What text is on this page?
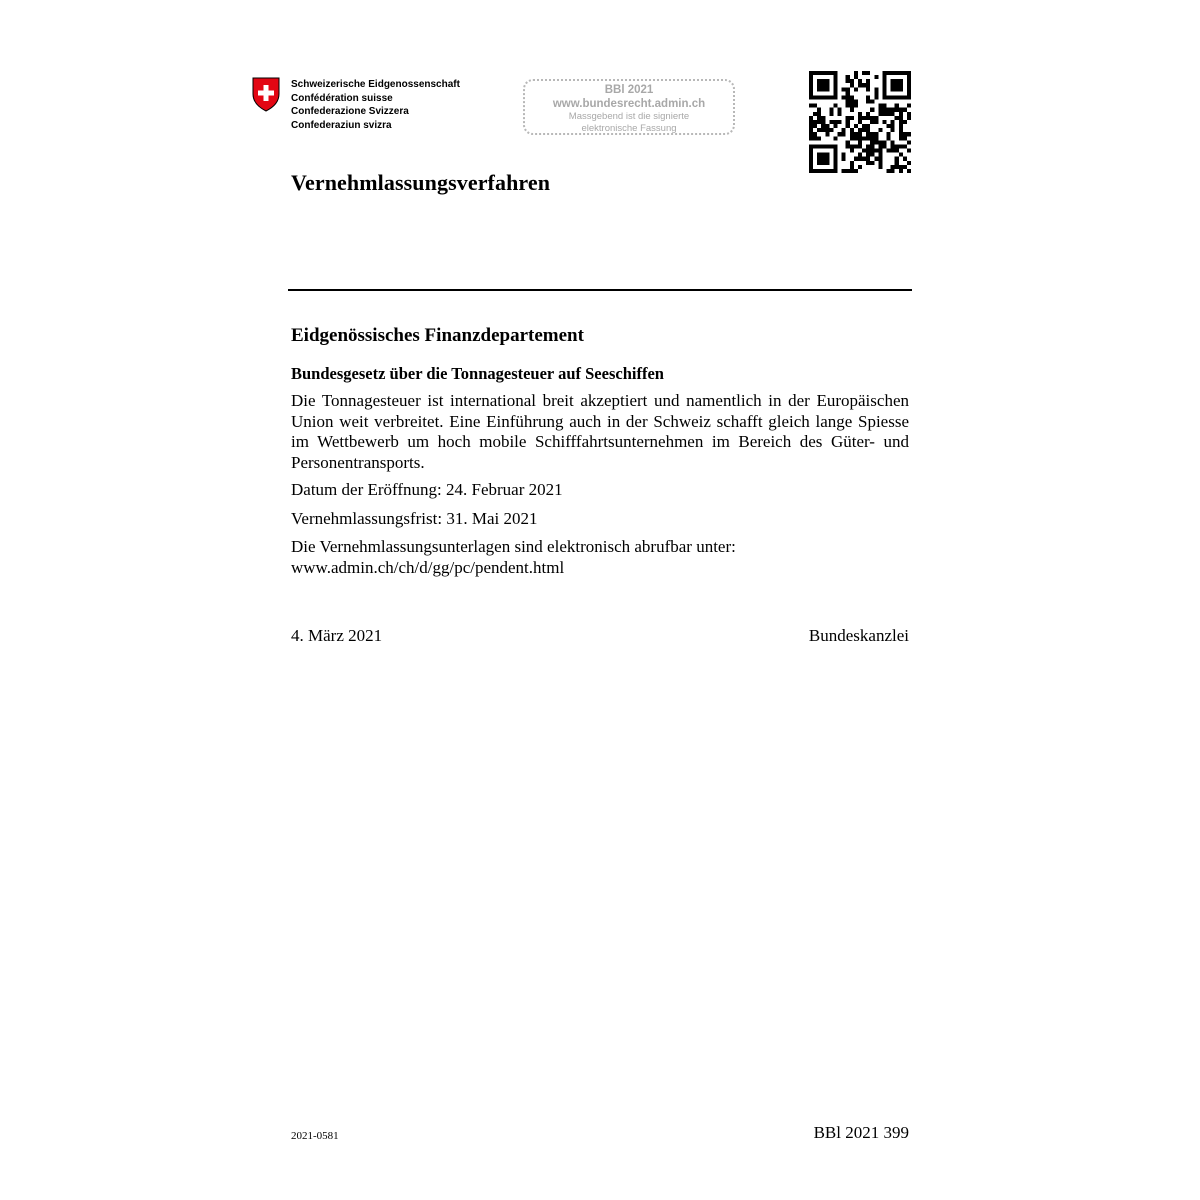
Schweizerische Eidgenossenschaft
Confédération suisse
Confederazione Svizzera
Confederaziun svizra
BBl 2021
www.bundesrecht.admin.ch
Massgebend ist die signierte
elektronische Fassung
Vernehmlassungsverfahren
Eidgenössisches Finanzdepartement
Bundesgesetz über die Tonnagesteuer auf Seeschiffen

Die Tonnagesteuer ist international breit akzeptiert und namentlich in der Europäischen Union weit verbreitet. Eine Einführung auch in der Schweiz schafft gleich lange Spiesse im Wettbewerb um hoch mobile Schifffahrtsunternehmen im Bereich des Güter- und Personentransports.

Datum der Eröffnung: 24. Februar 2021

Vernehmlassungsfrist: 31. Mai 2021

Die Vernehmlassungsunterlagen sind elektronisch abrufbar unter:
www.admin.ch/ch/d/gg/pc/pendent.html

4. März 2021	Bundeskanzlei
2021-0581	BBl 2021 399
